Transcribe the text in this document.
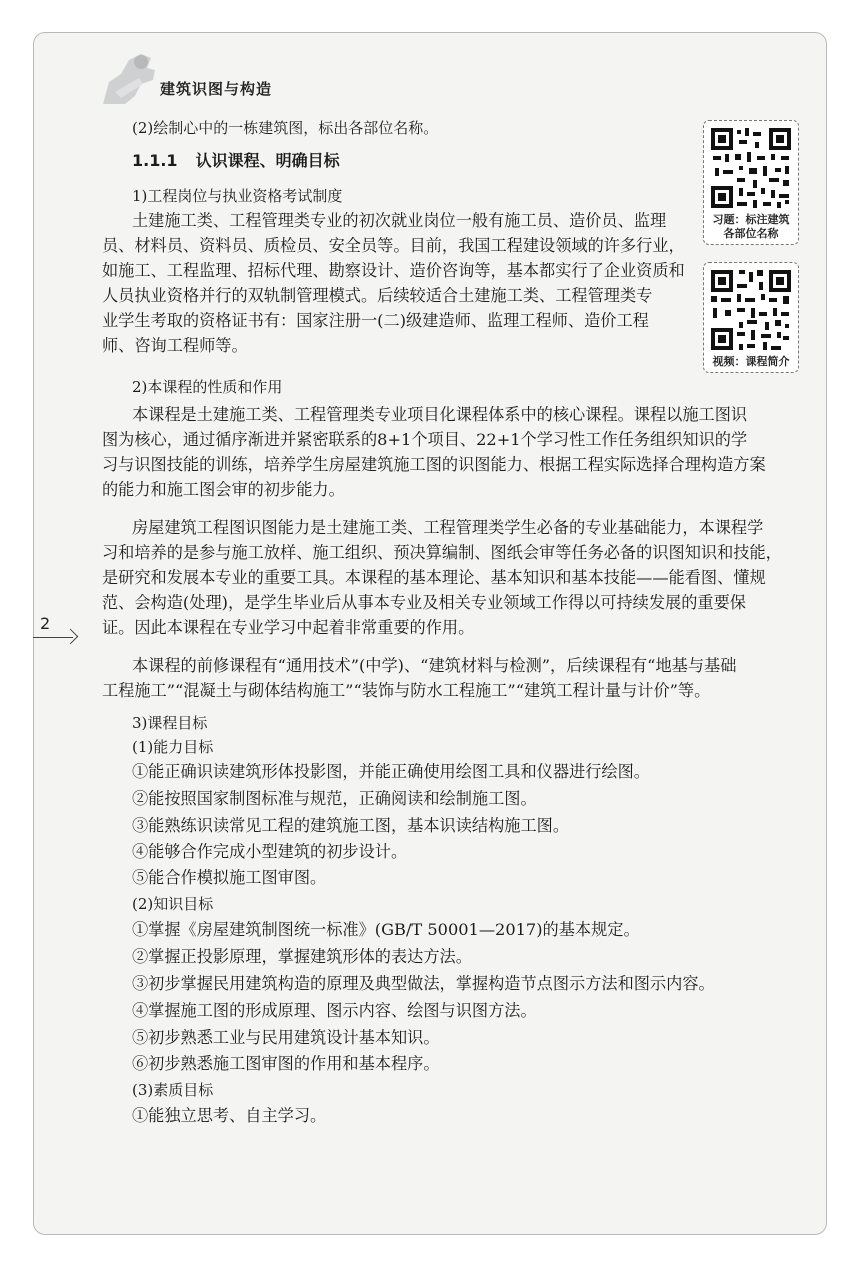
建筑识图与构造
(2)绘制心中的一栋建筑图，标出各部位名称。
1.1.1 认识课程、明确目标
1)工程岗位与执业资格考试制度
土建施工类、工程管理类专业的初次就业岗位一般有施工员、造价员、监理
员、材料员、资料员、质检员、安全员等。目前，我国工程建设领域的许多行业，
如施工、工程监理、招标代理、勘察设计、造价咨询等，基本都实行了企业资质和
人员执业资格并行的双轨制管理模式。后续较适合土建施工类、工程管理类专
业学生考取的资格证书有：国家注册一(二)级建造师、监理工程师、造价工程
师、咨询工程师等。
2)本课程的性质和作用
本课程是土建施工类、工程管理类专业项目化课程体系中的核心课程。课程以施工图识
图为核心，通过循序渐进并紧密联系的8+1个项目、22+1个学习性工作任务组织知识的学
习与识图技能的训练，培养学生房屋建筑施工图的识图能力、根据工程实际选择合理构造方案
的能力和施工图会审的初步能力。
房屋建筑工程图识图能力是土建施工类、工程管理类学生必备的专业基础能力，本课程学
习和培养的是参与施工放样、施工组织、预决算编制、图纸会审等任务必备的识图知识和技能，
是研究和发展本专业的重要工具。本课程的基本理论、基本知识和基本技能——能看图、懂规
范、会构造(处理)，是学生毕业后从事本专业及相关专业领域工作得以可持续发展的重要保
证。因此本课程在专业学习中起着非常重要的作用。
本课程的前修课程有“通用技术”(中学)、“建筑材料与检测”，后续课程有“地基与基础
工程施工”“混凝土与砌体结构施工”“装饰与防水工程施工”“建筑工程计量与计价”等。
3)课程目标
(1)能力目标
①能正确识读建筑形体投影图，并能正确使用绘图工具和仪器进行绘图。
②能按照国家制图标准与规范，正确阅读和绘制施工图。
③能熟练识读常见工程的建筑施工图，基本识读结构施工图。
④能够合作完成小型建筑的初步设计。
⑤能合作模拟施工图审图。
(2)知识目标
①掌握《房屋建筑制图统一标准》(GB/T 50001—2017)的基本规定。
②掌握正投影原理，掌握建筑形体的表达方法。
③初步掌握民用建筑构造的原理及典型做法，掌握构造节点图示方法和图示内容。
④掌握施工图的形成原理、图示内容、绘图与识图方法。
⑤初步熟悉工业与民用建筑设计基本知识。
⑥初步熟悉施工图审图的作用和基本程序。
(3)素质目标
①能独立思考、自主学习。
习题：标注建筑
各部位名称
视频：课程简介
2
